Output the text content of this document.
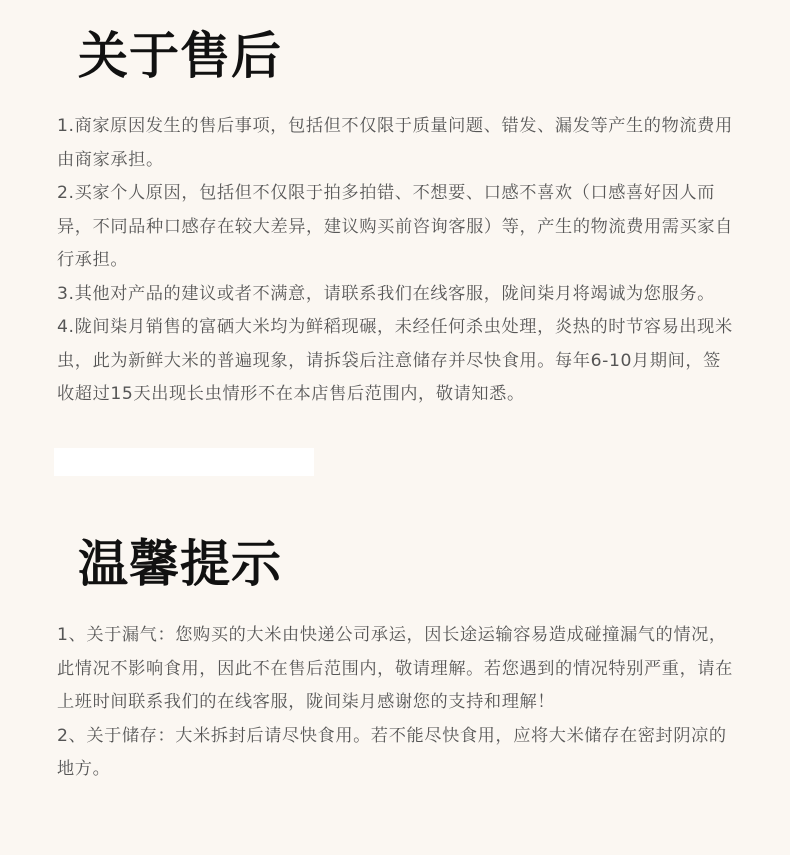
关于售后
1.商家原因发生的售后事项，包括但不仅限于质量问题、错发、漏发等产生的物流费用由商家承担。
2.买家个人原因，包括但不仅限于拍多拍错、不想要、口感不喜欢（口感喜好因人而异，不同品种口感存在较大差异，建议购买前咨询客服）等，产生的物流费用需买家自行承担。
3.其他对产品的建议或者不满意，请联系我们在线客服，陇间柒月将竭诚为您服务。
4.陇间柒月销售的富硒大米均为鲜稻现碾，未经任何杀虫处理，炎热的时节容易出现米虫，此为新鲜大米的普遍现象，请拆袋后注意储存并尽快食用。每年6-10月期间，签收超过15天出现长虫情形不在本店售后范围内，敬请知悉。
温馨提示
1、关于漏气：您购买的大米由快递公司承运，因长途运输容易造成碰撞漏气的情况，此情况不影响食用，因此不在售后范围内，敬请理解。若您遇到的情况特别严重，请在上班时间联系我们的在线客服，陇间柒月感谢您的支持和理解！
2、关于储存：大米拆封后请尽快食用。若不能尽快食用，应将大米储存在密封阴凉的地方。
